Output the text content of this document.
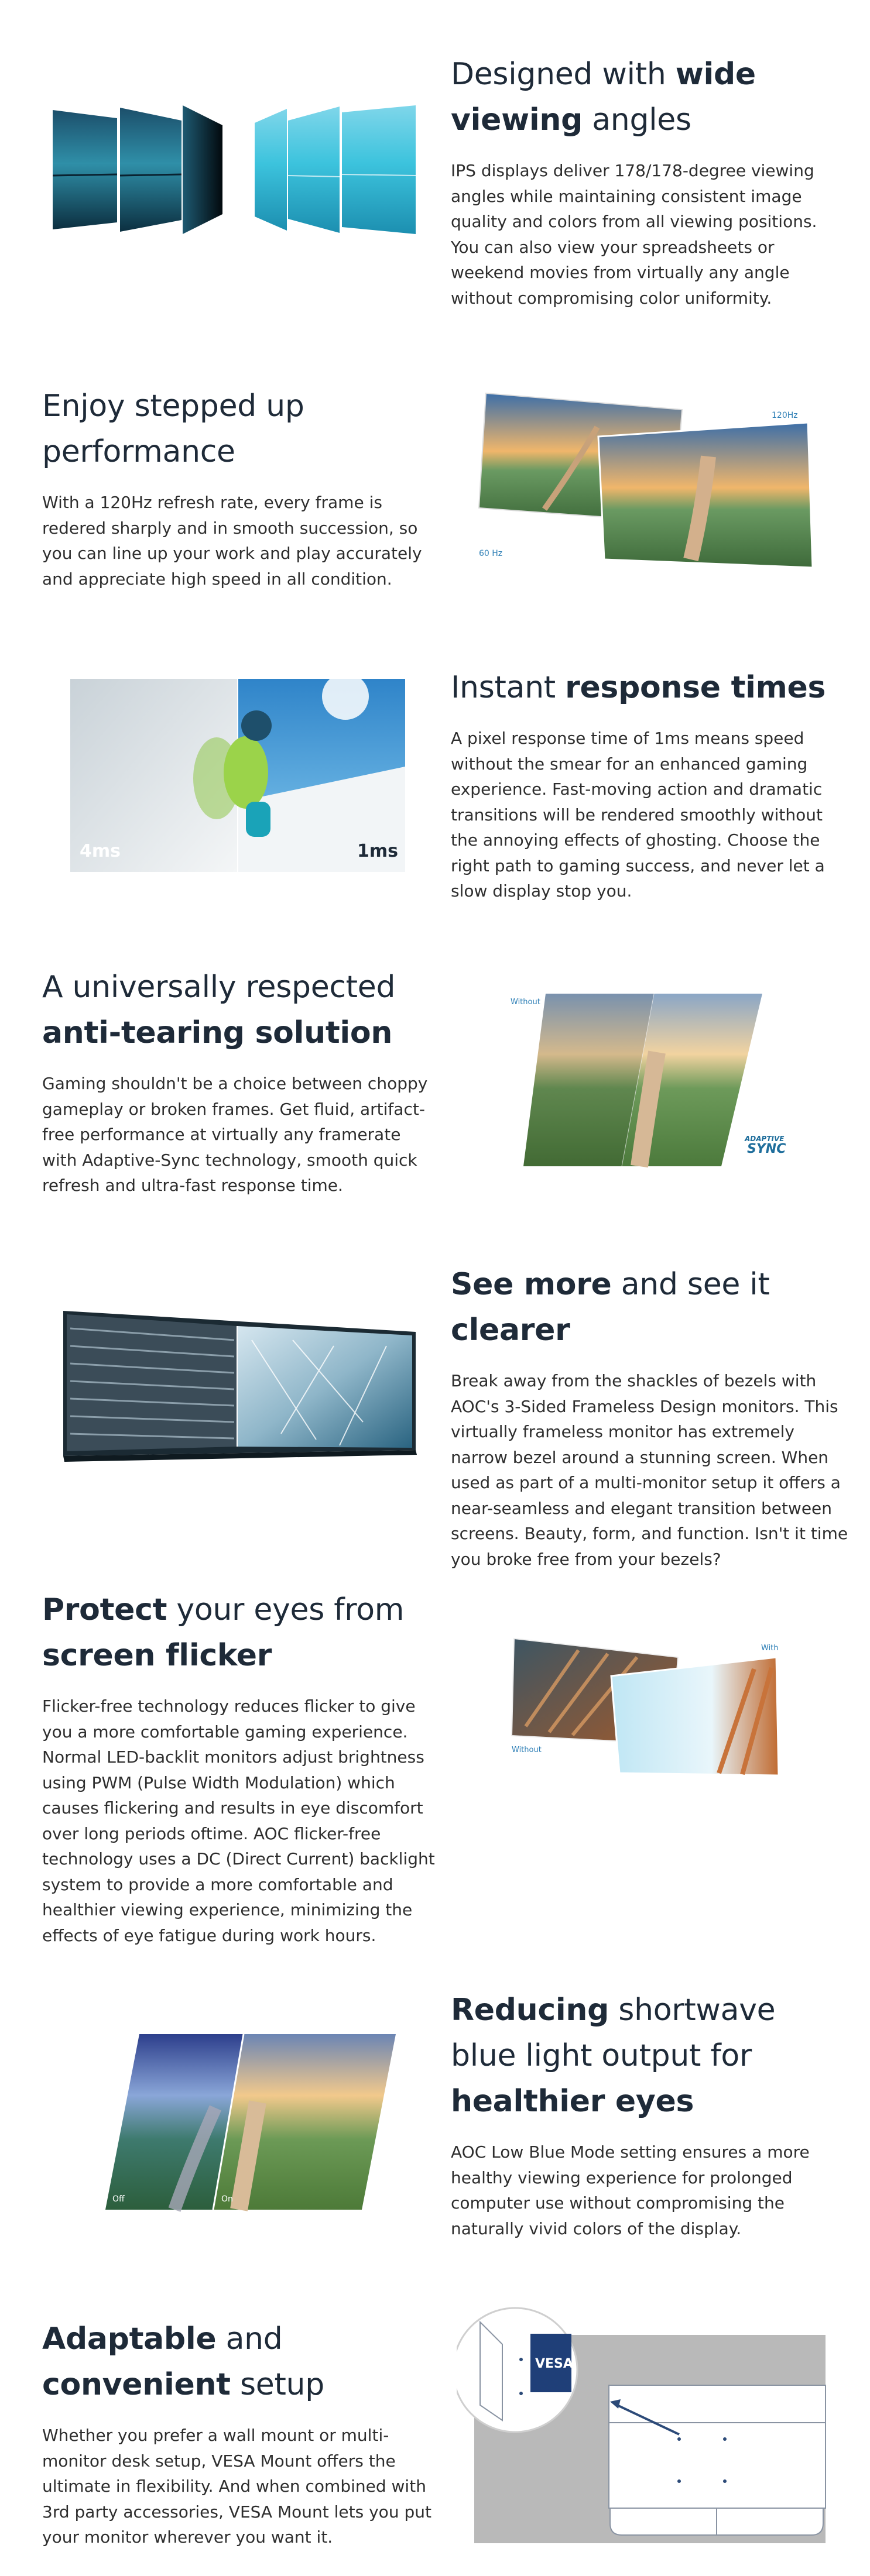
Designed with wide viewing angles

IPS displays deliver 178/178-degree viewing angles while maintaining consistent image quality and colors from all viewing positions. You can also view your spreadsheets or weekend movies from virtually any angle without compromising color uniformity.

Enjoy stepped up performance

With a 120Hz refresh rate, every frame is redered sharply and in smooth succession, so you can line up your work and play accurately and appreciate high speed in all condition.

120Hz
60 Hz
4ms	1ms
Instant response times

A pixel response time of 1ms means speed without the smear for an enhanced gaming experience. Fast-moving action and dramatic transitions will be rendered smoothly without the annoying effects of ghosting. Choose the right path to gaming success, and never let a slow display stop you.

A universally respected anti-tearing solution

Gaming shouldn't be a choice between choppy gameplay or broken frames. Get fluid, artifact-free performance at virtually any framerate with Adaptive-Sync technology, smooth quick refresh and ultra-fast response time.

Without
ADAPTIVE
SYNC
See more and see it clearer

Break away from the shackles of bezels with AOC's 3-Sided Frameless Design monitors. This virtually frameless monitor has extremely narrow bezel around a stunning screen. When used as part of a multi-monitor setup it offers a near-seamless and elegant transition between screens. Beauty, form, and function. Isn't it time you broke free from your bezels?

Protect your eyes from screen flicker

Flicker-free technology reduces flicker to give you a more comfortable gaming experience. Normal LED-backlit monitors adjust brightness using PWM (Pulse Width Modulation) which causes flickering and results in eye discomfort over long periods oftime. AOC flicker-free technology uses a DC (Direct Current) backlight system to provide a more comfortable and healthier viewing experience, minimizing the effects of eye fatigue during work hours.

With
Without
Off	On
Reducing shortwave blue light output for healthier eyes

AOC Low Blue Mode setting ensures a more healthy viewing experience for prolonged computer use without compromising the naturally vivid colors of the display.

Adaptable and convenient setup

Whether you prefer a wall mount or multi-monitor desk setup, VESA Mount offers the ultimate in flexibility. And when combined with 3rd party accessories, VESA Mount lets you put your monitor wherever you want it.

VESA
